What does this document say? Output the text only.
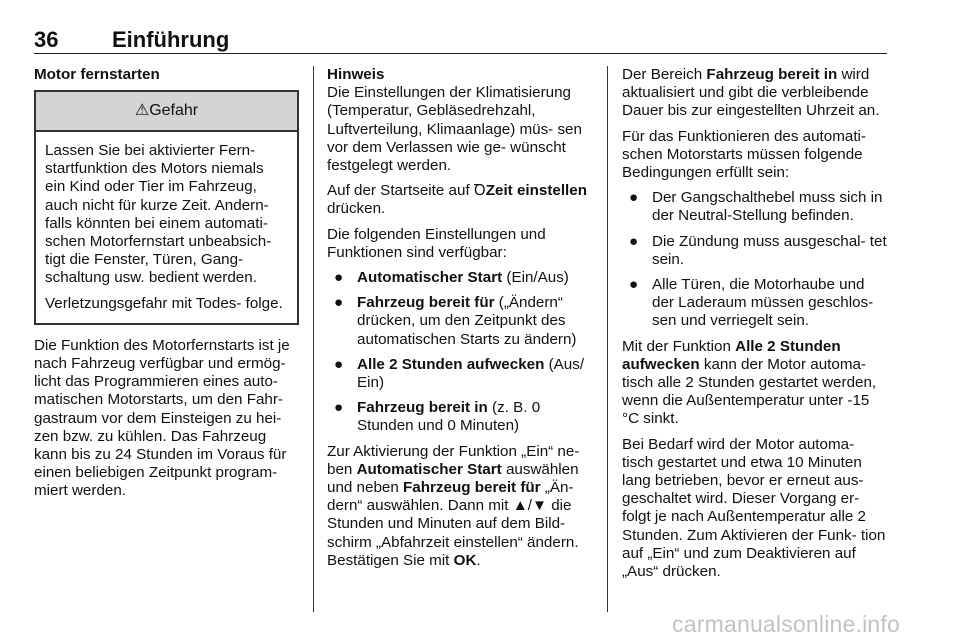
36 Einführung
Motor fernstarten
⚠Gefahr

Lassen Sie bei aktivierter Fern- startfunktion des Motors niemals ein Kind oder Tier im Fahrzeug, auch nicht für kurze Zeit. Andern- falls könnten bei einem automati- schen Motorfernstart unbeabsich- tigt die Fenster, Türen, Gang- schaltung usw. bedient werden.

Verletzungsgefahr mit Todes- folge.

Die Funktion des Motorfernstarts ist je nach Fahrzeug verfügbar und ermög- licht das Programmieren eines auto- matischen Motorstarts, um den Fahr- gastraum vor dem Einsteigen zu hei- zen bzw. zu kühlen. Das Fahrzeug kann bis zu 24 Stunden im Voraus für einen beliebigen Zeitpunkt program- miert werden.

Hinweis

Die Einstellungen der Klimatisierung (Temperatur, Gebläsedrehzahl, Luftverteilung, Klimaanlage) müs- sen vor dem Verlassen wie ge- wünscht festgelegt werden.

Auf der Startseite auf ꝹZeit einstellen drücken.

Die folgenden Einstellungen und Funktionen sind verfügbar:

● Automatischer Start (Ein/Aus)
● Fahrzeug bereit für („Ändern“ drücken, um den Zeitpunkt des automatischen Starts zu ändern)
● Alle 2 Stunden aufwecken (Aus/ Ein)
● Fahrzeug bereit in (z. B. 0 Stunden und 0 Minuten)

Zur Aktivierung der Funktion „Ein“ ne- ben Automatischer Start auswählen und neben Fahrzeug bereit für „Än- dern“ auswählen. Dann mit ▲/▼ die Stunden und Minuten auf dem Bild- schirm „Abfahrzeit einstellen“ ändern. Bestätigen Sie mit OK.

Der Bereich Fahrzeug bereit in wird aktualisiert und gibt die verbleibende Dauer bis zur eingestellten Uhrzeit an.

Für das Funktionieren des automati- schen Motorstarts müssen folgende Bedingungen erfüllt sein:

● Der Gangschalthebel muss sich in der Neutral-Stellung befinden.
● Die Zündung muss ausgeschal- tet sein.
● Alle Türen, die Motorhaube und der Laderaum müssen geschlos- sen und verriegelt sein.

Mit der Funktion Alle 2 Stunden aufwecken kann der Motor automa- tisch alle 2 Stunden gestartet werden, wenn die Außentemperatur unter -15 °C sinkt.

Bei Bedarf wird der Motor automa- tisch gestartet und etwa 10 Minuten lang betrieben, bevor er erneut aus- geschaltet wird. Dieser Vorgang er- folgt je nach Außentemperatur alle 2 Stunden. Zum Aktivieren der Funk- tion auf „Ein“ und zum Deaktivieren auf „Aus“ drücken.

carmanualsonline.info
